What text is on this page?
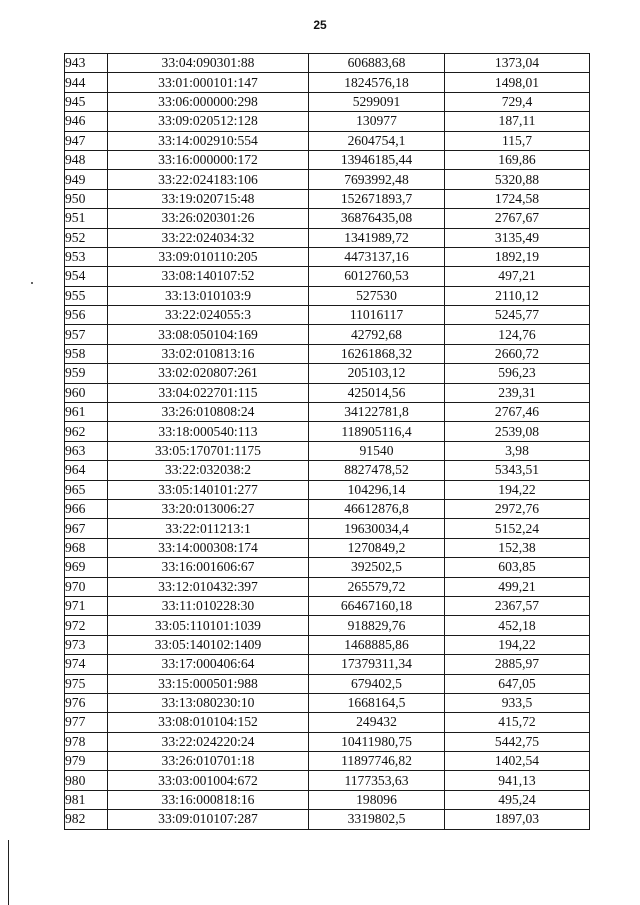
25
943	33:04:090301:88	606883,68	1373,04
944	33:01:000101:147	1824576,18	1498,01
945	33:06:000000:298	5299091	729,4
946	33:09:020512:128	130977	187,11
947	33:14:002910:554	2604754,1	115,7
948	33:16:000000:172	13946185,44	169,86
949	33:22:024183:106	7693992,48	5320,88
950	33:19:020715:48	152671893,7	1724,58
951	33:26:020301:26	36876435,08	2767,67
952	33:22:024034:32	1341989,72	3135,49
953	33:09:010110:205	4473137,16	1892,19
954	33:08:140107:52	6012760,53	497,21
955	33:13:010103:9	527530	2110,12
956	33:22:024055:3	11016117	5245,77
957	33:08:050104:169	42792,68	124,76
958	33:02:010813:16	16261868,32	2660,72
959	33:02:020807:261	205103,12	596,23
960	33:04:022701:115	425014,56	239,31
961	33:26:010808:24	34122781,8	2767,46
962	33:18:000540:113	118905116,4	2539,08
963	33:05:170701:1175	91540	3,98
964	33:22:032038:2	8827478,52	5343,51
965	33:05:140101:277	104296,14	194,22
966	33:20:013006:27	46612876,8	2972,76
967	33:22:011213:1	19630034,4	5152,24
968	33:14:000308:174	1270849,2	152,38
969	33:16:001606:67	392502,5	603,85
970	33:12:010432:397	265579,72	499,21
971	33:11:010228:30	66467160,18	2367,57
972	33:05:110101:1039	918829,76	452,18
973	33:05:140102:1409	1468885,86	194,22
974	33:17:000406:64	17379311,34	2885,97
975	33:15:000501:988	679402,5	647,05
976	33:13:080230:10	1668164,5	933,5
977	33:08:010104:152	249432	415,72
978	33:22:024220:24	10411980,75	5442,75
979	33:26:010701:18	11897746,82	1402,54
980	33:03:001004:672	1177353,63	941,13
981	33:16:000818:16	198096	495,24
982	33:09:010107:287	3319802,5	1897,03
